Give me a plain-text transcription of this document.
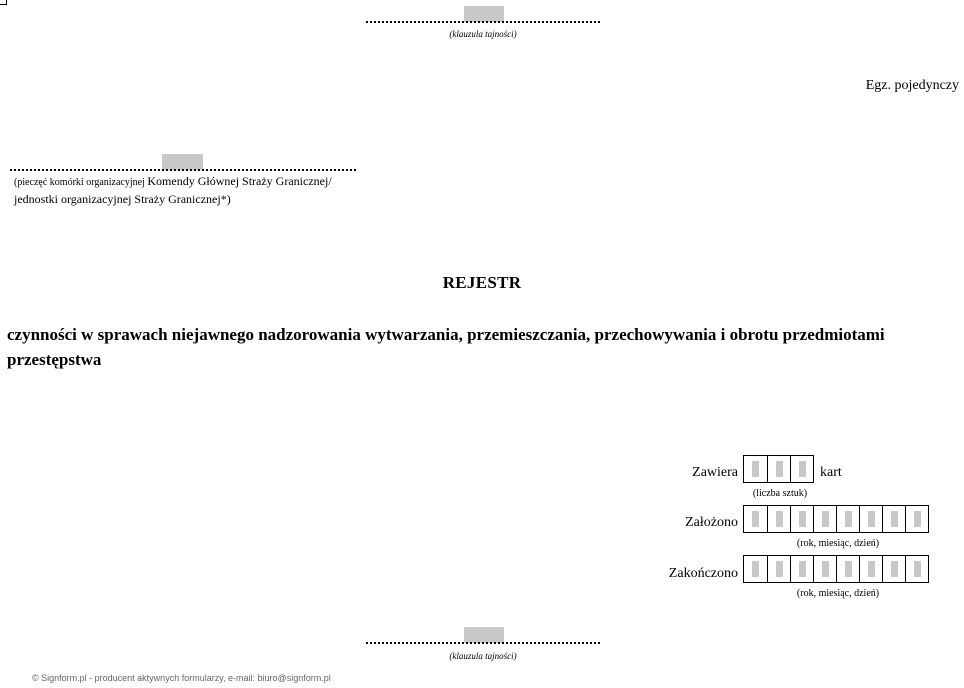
(klauzula tajności)
Egz. pojedynczy
(pieczęć komórki organizacyjnej Komendy Głównej Straży Granicznej/
jednostki organizacyjnej Straży Granicznej*)
REJESTR
czynności w sprawach niejawnego nadzorowania wytwarzania, przemieszczania, przechowywania i obrotu przedmiotami przestępstwa
Zawiera	kart
(liczba sztuk)
Założono
(rok, miesiąc, dzień)
Zakończono
(rok, miesiąc, dzień)
(klauzula tajności)
© Signform.pl - producent aktywnych formularzy, e-mail: biuro@signform.pl
